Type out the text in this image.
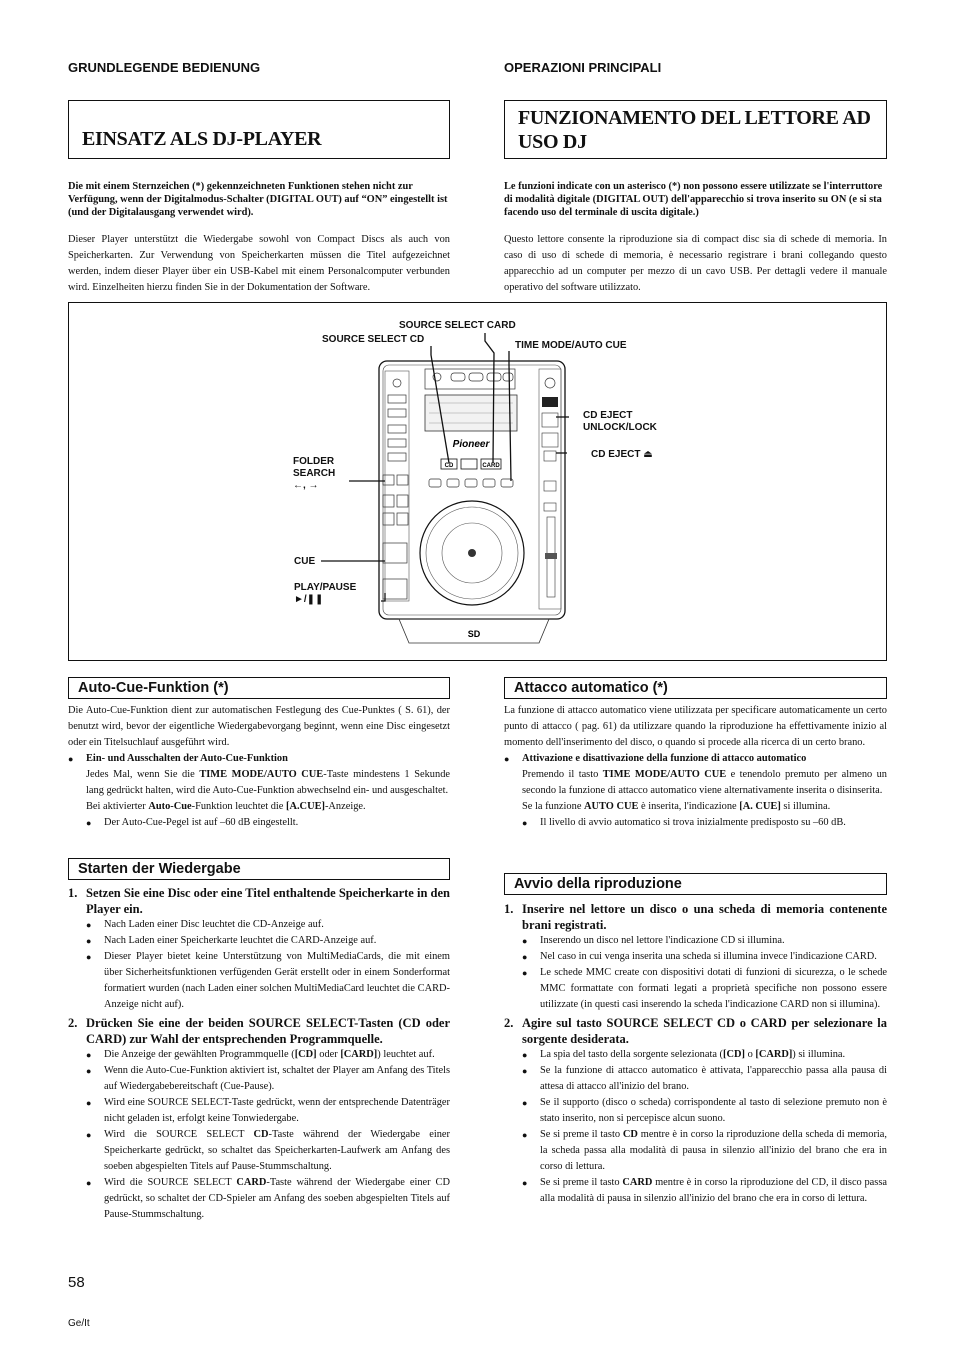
GRUNDLEGENDE BEDIENUNG	OPERAZIONI PRINCIPALI
EINSATZ ALS DJ-PLAYER
FUNZIONAMENTO DEL LETTORE AD USO DJ

Die mit einem Sternzeichen (*) gekennzeichneten Funktionen stehen nicht zur Verfügung, wenn der Digitalmodus-Schalter (DIGITAL OUT) auf “ON” eingestellt ist (und der Digitalausgang verwendet wird).

Dieser Player unterstützt die Wiedergabe sowohl von Compact Discs als auch von Speicherkarten. Zur Verwendung von Speicherkarten müssen die Titel aufgezeichnet werden, indem dieser Player über ein USB-Kabel mit einem Personalcomputer verbunden wird. Einzelheiten hierzu finden Sie in der Dokumentation der Software.

Le funzioni indicate con un asterisco (*) non possono essere utilizzate se l'interruttore di modalità digitale (DIGITAL OUT) dell'apparecchio si trova inserito su ON (e si sta facendo uso del terminale di uscita digitale.)

Questo lettore consente la riproduzione sia di compact disc sia di schede di memoria. In caso di uso di schede di memoria, è necessario registrare i brani collegando questo apparecchio ad un computer per mezzo di un cavo USB. Per dettagli vedere il manuale operativo del software utilizzato.

Pioneer
CD	CARD
SD
SOURCE SELECT CARD
SOURCE SELECT CD
TIME MODE/AUTO CUE
CD EJECT
UNLOCK/LOCK
CD EJECT ⏏
FOLDER
SEARCH
←, →
CUE
PLAY/PAUSE
►/❚❚
Auto-Cue-Funktion (*)

Die Auto-Cue-Funktion dient zur automatischen Festlegung des Cue-Punktes ( S. 61), der benutzt wird, bevor der eigentliche Wiedergabevorgang beginnt, wenn eine Disc eingesetzt oder ein Titelsuchlauf ausgeführt wird.

● Ein- und Ausschalten der Auto-Cue-Funktion

Jedes Mal, wenn Sie die TIME MODE/AUTO CUE-Taste mindestens 1 Sekunde lang gedrückt halten, wird die Auto-Cue-Funktion abwechselnd ein- und ausgeschaltet.

Bei aktivierter Auto-Cue-Funktion leuchtet die [A.CUE]-Anzeige.

● Der Auto-Cue-Pegel ist auf –60 dB eingestellt.

Starten der Wiedergabe
1. Setzen Sie eine Disc oder eine Titel enthaltende Speicherkarte in den Player ein.

● Nach Laden einer Disc leuchtet die CD-Anzeige auf.

● Nach Laden einer Speicherkarte leuchtet die CARD-Anzeige auf.

● Dieser Player bietet keine Unterstützung von MultiMediaCards, die mit einem über Sicherheitsfunktionen verfügenden Gerät erstellt oder in einem Sonderformat formatiert wurden (nach Laden einer solchen MultiMediaCard leuchtet die CARD-Anzeige nicht auf).

2. Drücken Sie eine der beiden SOURCE SELECT-Tasten (CD oder CARD) zur Wahl der entsprechenden Programmquelle.

● Die Anzeige der gewählten Programmquelle ([CD] oder [CARD]) leuchtet auf.

● Wenn die Auto-Cue-Funktion aktiviert ist, schaltet der Player am Anfang des Titels auf Wiedergabebereitschaft (Cue-Pause).

● Wird eine SOURCE SELECT-Taste gedrückt, wenn der entsprechende Datenträger nicht geladen ist, erfolgt keine Tonwiedergabe.

● Wird die SOURCE SELECT CD-Taste während der Wiedergabe einer Speicherkarte gedrückt, so schaltet das Speicherkarten-Laufwerk am Anfang des soeben abgespielten Titels auf Pause-Stummschaltung.

● Wird die SOURCE SELECT CARD-Taste während der Wiedergabe einer CD gedrückt, so schaltet der CD-Spieler am Anfang des soeben abgespielten Titels auf Pause-Stummschaltung.

Attacco automatico (*)

La funzione di attacco automatico viene utilizzata per specificare automaticamente un certo punto di attacco ( pag. 61) da utilizzare quando la riproduzione ha effettivamente inizio al momento dell'inserimento del disco, o quando si procede alla ricerca di un certo brano.

● Attivazione e disattivazione della funzione di attacco automatico

Premendo il tasto TIME MODE/AUTO CUE e tenendolo premuto per almeno un secondo la funzione di attacco automatico viene alternativamente inserita o disinserita.

Se la funzione AUTO CUE è inserita, l'indicazione [A. CUE] si illumina.

● Il livello di avvio automatico si trova inizialmente predisposto su –60 dB.

Avvio della riproduzione
1. Inserire nel lettore un disco o una scheda di memoria contenente brani registrati.

● Inserendo un disco nel lettore l'indicazione CD si illumina.

● Nel caso in cui venga inserita una scheda si illumina invece l'indicazione CARD.

● Le schede MMC create con dispositivi dotati di funzioni di sicurezza, o le schede MMC formattate con formati legati a proprietà specifiche non possono essere utilizzate (in questi casi inserendo la scheda l'indicazione CARD non si illumina).

2. Agire sul tasto SOURCE SELECT CD o CARD per selezionare la sorgente desiderata.

● La spia del tasto della sorgente selezionata ([CD] o [CARD]) si illumina.

● Se la funzione di attacco automatico è attivata, l'apparecchio passa alla pausa di attesa di attacco all'inizio del brano.

● Se il supporto (disco o scheda) corrispondente al tasto di selezione premuto non è stato inserito, non si percepisce alcun suono.

● Se si preme il tasto CD mentre è in corso la riproduzione della scheda di memoria, la scheda passa alla modalità di pausa in silenzio all'inizio del brano che era in corso di lettura.

● Se si preme il tasto CARD mentre è in corso la riproduzione del CD, il disco passa alla modalità di pausa in silenzio all'inizio del brano che era in corso di lettura.

58
Ge/It
